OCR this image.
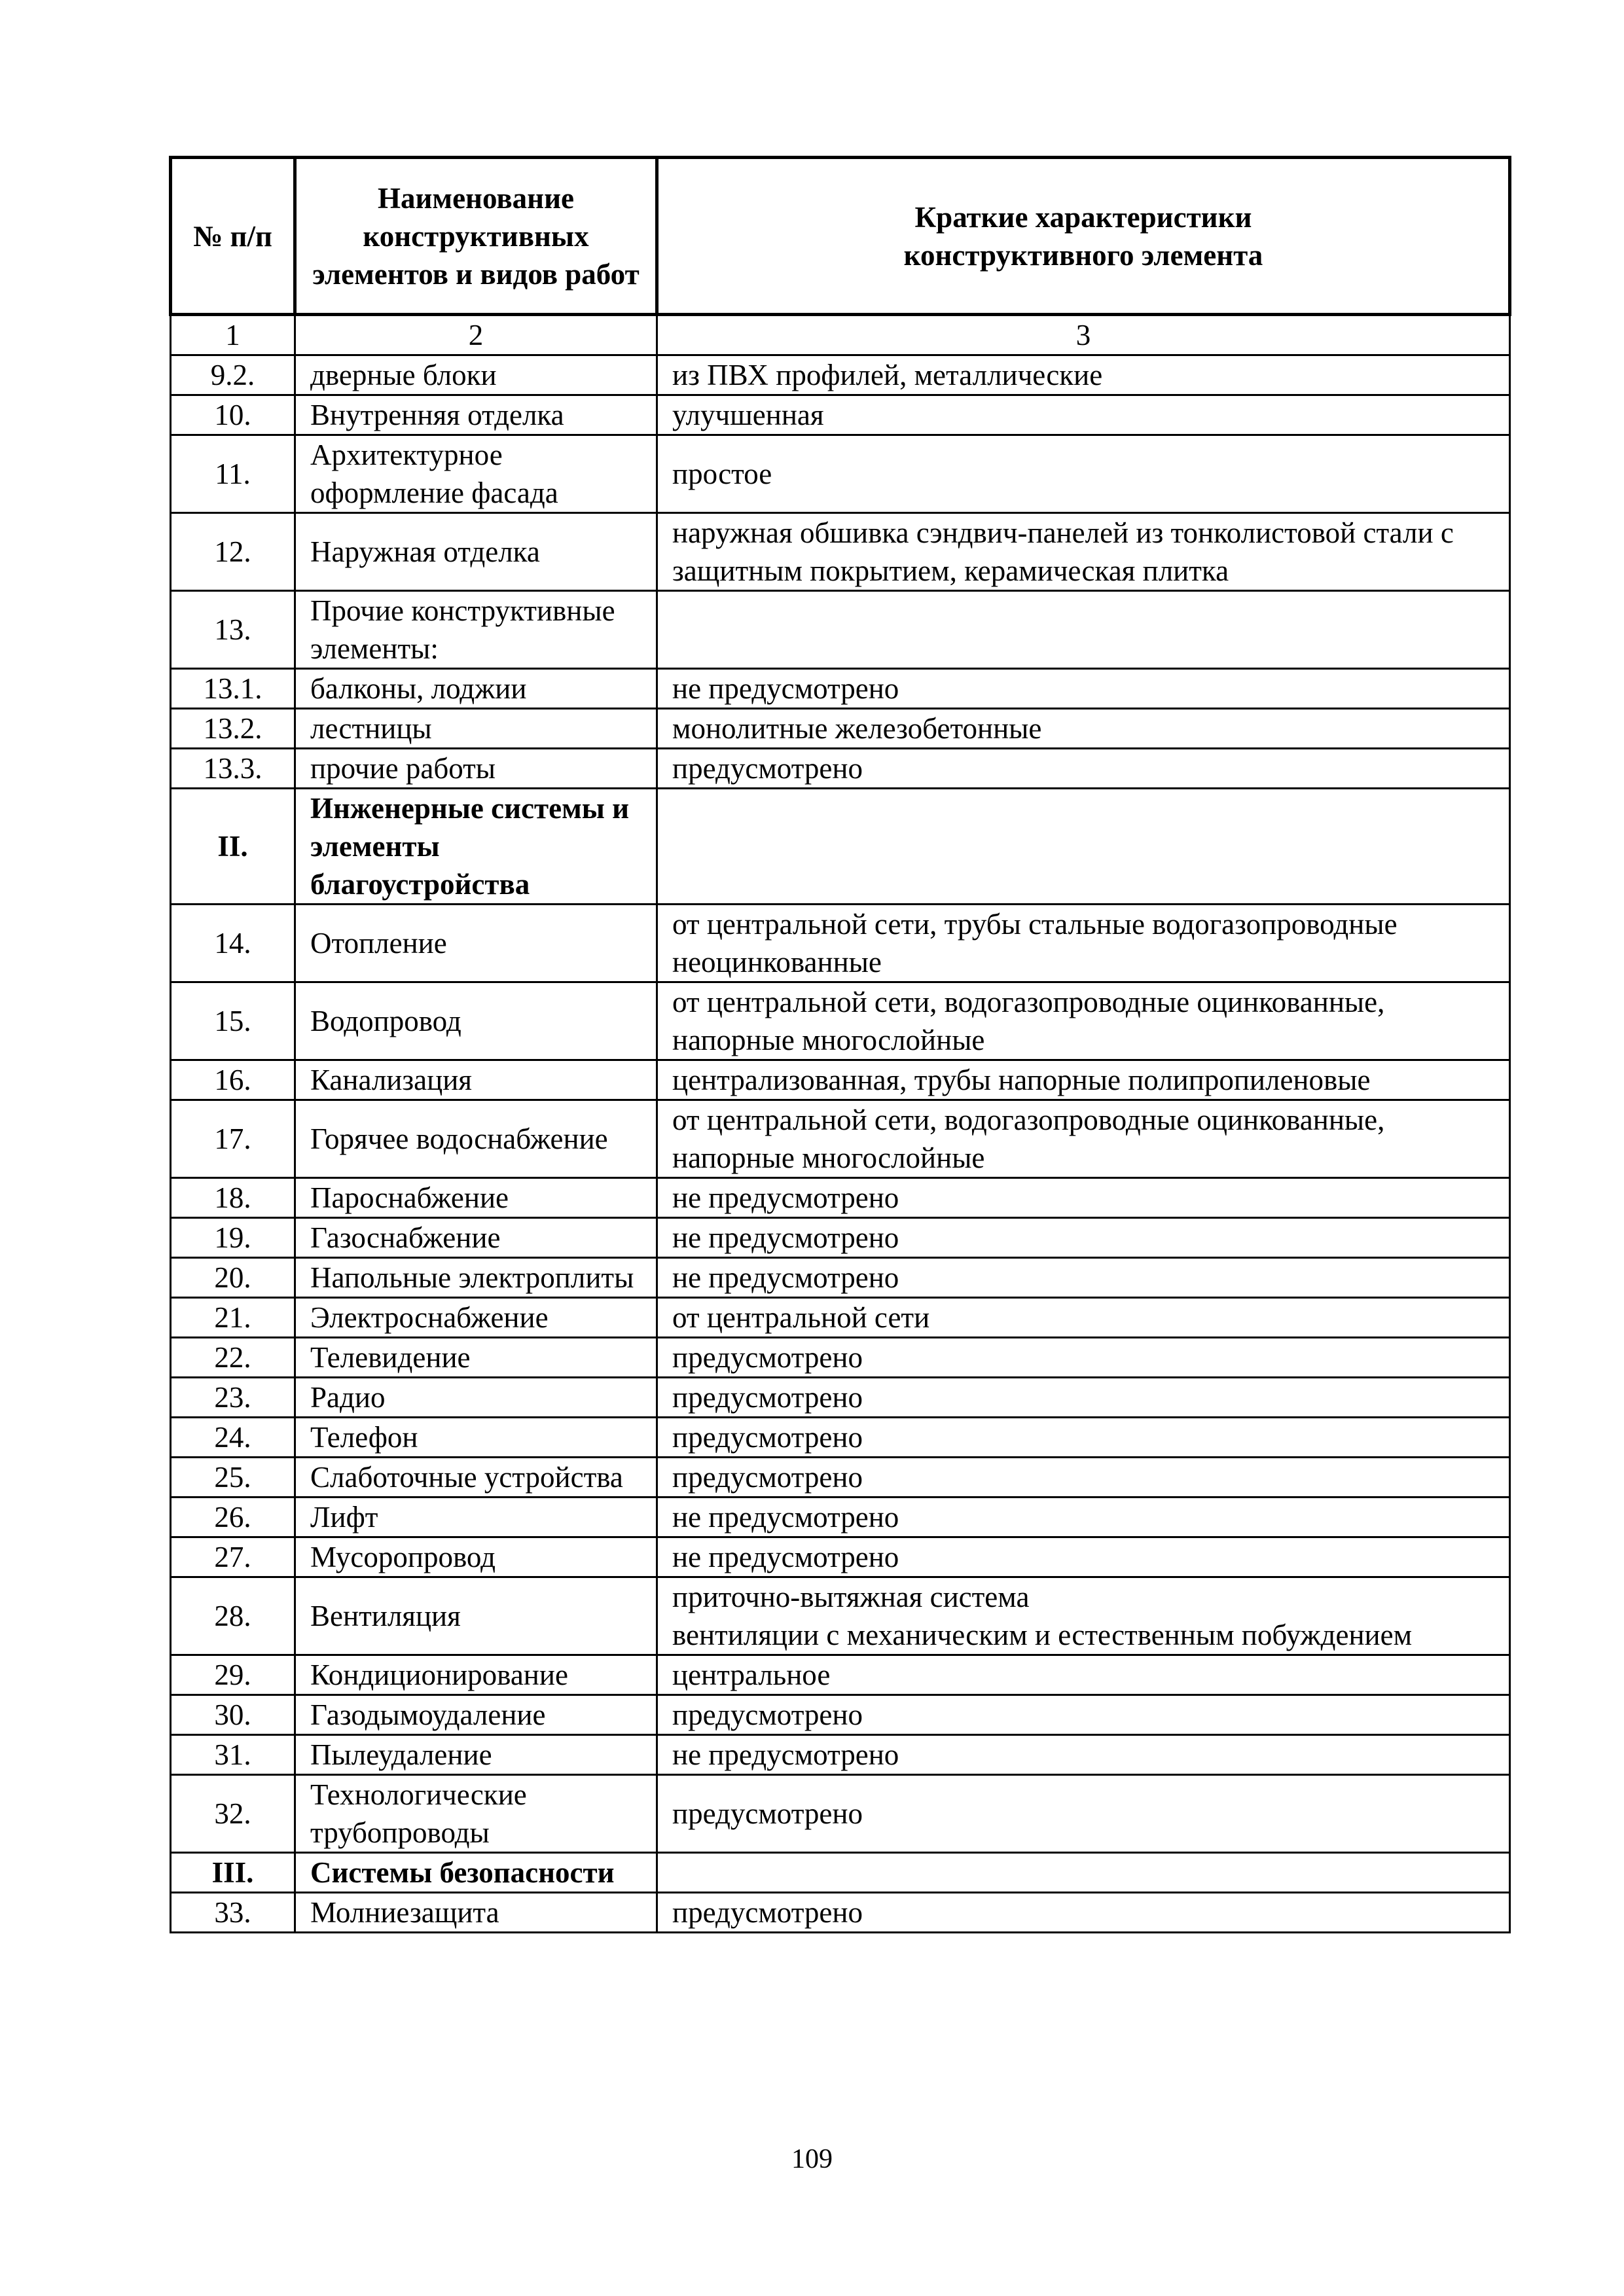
№ п/п	Наименование конструктивных элементов и видов работ	Краткие характеристики конструктивного элемента
1	2	3
9.2.	дверные блоки	из ПВХ профилей, металлические
10.	Внутренняя отделка	улучшенная
11.	Архитектурное оформление фасада	простое
12.	Наружная отделка	наружная обшивка сэндвич-панелей из тонколистовой стали с защитным покрытием, керамическая плитка
13.	Прочие конструктивные элементы:	
13.1.	балконы, лоджии	не предусмотрено
13.2.	лестницы	монолитные железобетонные
13.3.	прочие работы	предусмотрено
II.	Инженерные системы и элементы благоустройства	
14.	Отопление	от центральной сети, трубы стальные водогазопроводные неоцинкованные
15.	Водопровод	от центральной сети, водогазопроводные оцинкованные, напорные многослойные
16.	Канализация	централизованная, трубы напорные полипропиленовые
17.	Горячее водоснабжение	от центральной сети, водогазопроводные оцинкованные, напорные многослойные
18.	Пароснабжение	не предусмотрено
19.	Газоснабжение	не предусмотрено
20.	Напольные электроплиты	не предусмотрено
21.	Электроснабжение	от центральной сети
22.	Телевидение	предусмотрено
23.	Радио	предусмотрено
24.	Телефон	предусмотрено
25.	Слаботочные устройства	предусмотрено
26.	Лифт	не предусмотрено
27.	Мусоропровод	не предусмотрено
28.	Вентиляция	приточно-вытяжная система
вентиляции с механическим и естественным побуждением
29.	Кондиционирование	центральное
30.	Газодымоудаление	предусмотрено
31.	Пылеудаление	не предусмотрено
32.	Технологические трубопроводы	предусмотрено
III.	Системы безопасности	
33.	Молниезащита	предусмотрено
109
